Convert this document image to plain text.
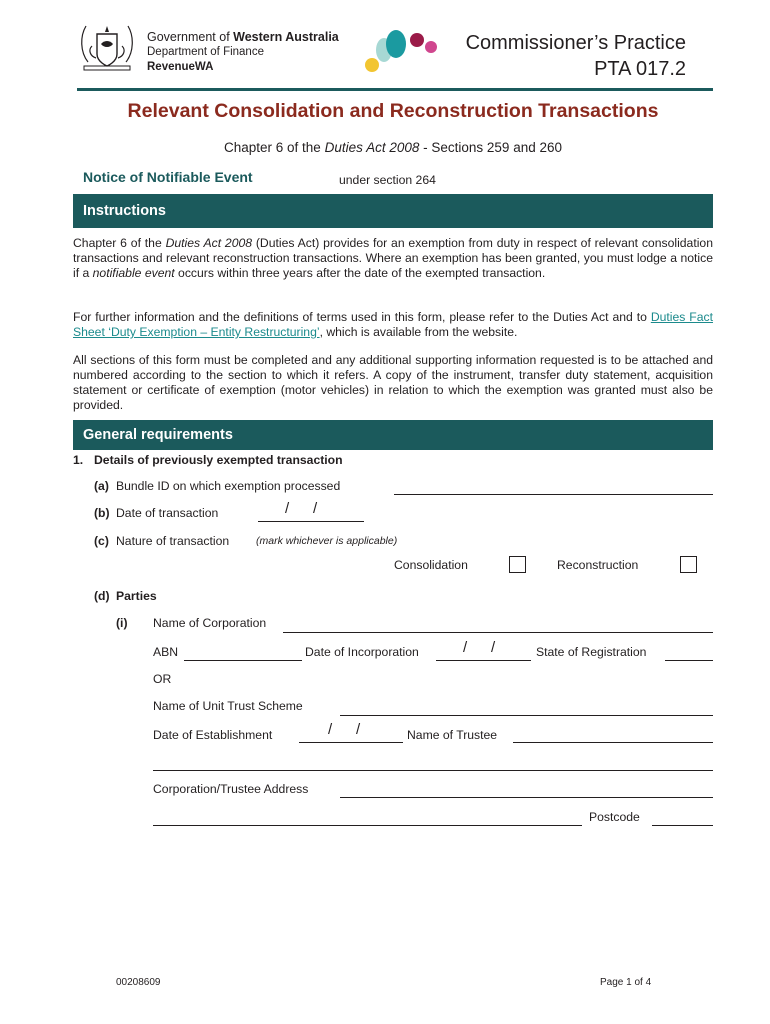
Government of Western Australia
Department of Finance
RevenueWA
Commissioner’s Practice
PTA 017.2
Relevant Consolidation and Reconstruction Transactions
Chapter 6 of the Duties Act 2008 - Sections 259 and 260
Notice of Notifiable Event	under section 264
Instructions
Chapter 6 of the Duties Act 2008 (Duties Act) provides for an exemption from duty in respect of relevant consolidation transactions and relevant reconstruction transactions. Where an exemption has been granted, you must lodge a notice if a notifiable event occurs within three years after the date of the exempted transaction.
For further information and the definitions of terms used in this form, please refer to the Duties Act and to Duties Fact Sheet ‘Duty Exemption – Entity Restructuring’, which is available from the website.
All sections of this form must be completed and any additional supporting information requested is to be attached and numbered according to the section to which it refers. A copy of the instrument, transfer duty statement, acquisition statement or certificate of exemption (motor vehicles) in relation to which the exemption was granted must also be provided.
General requirements
1. Details of previously exempted transaction
(a) Bundle ID on which exemption processed
(b) Date of transaction	/ /
(c) Nature of transaction	(mark whichever is applicable)
Consolidation	Reconstruction
(d) Parties
(i) Name of Corporation
ABN	Date of Incorporation	/ /	State of Registration
OR
Name of Unit Trust Scheme
Date of Establishment	/ /	Name of Trustee
Corporation/Trustee Address
Postcode
00208609	Page 1 of 4
